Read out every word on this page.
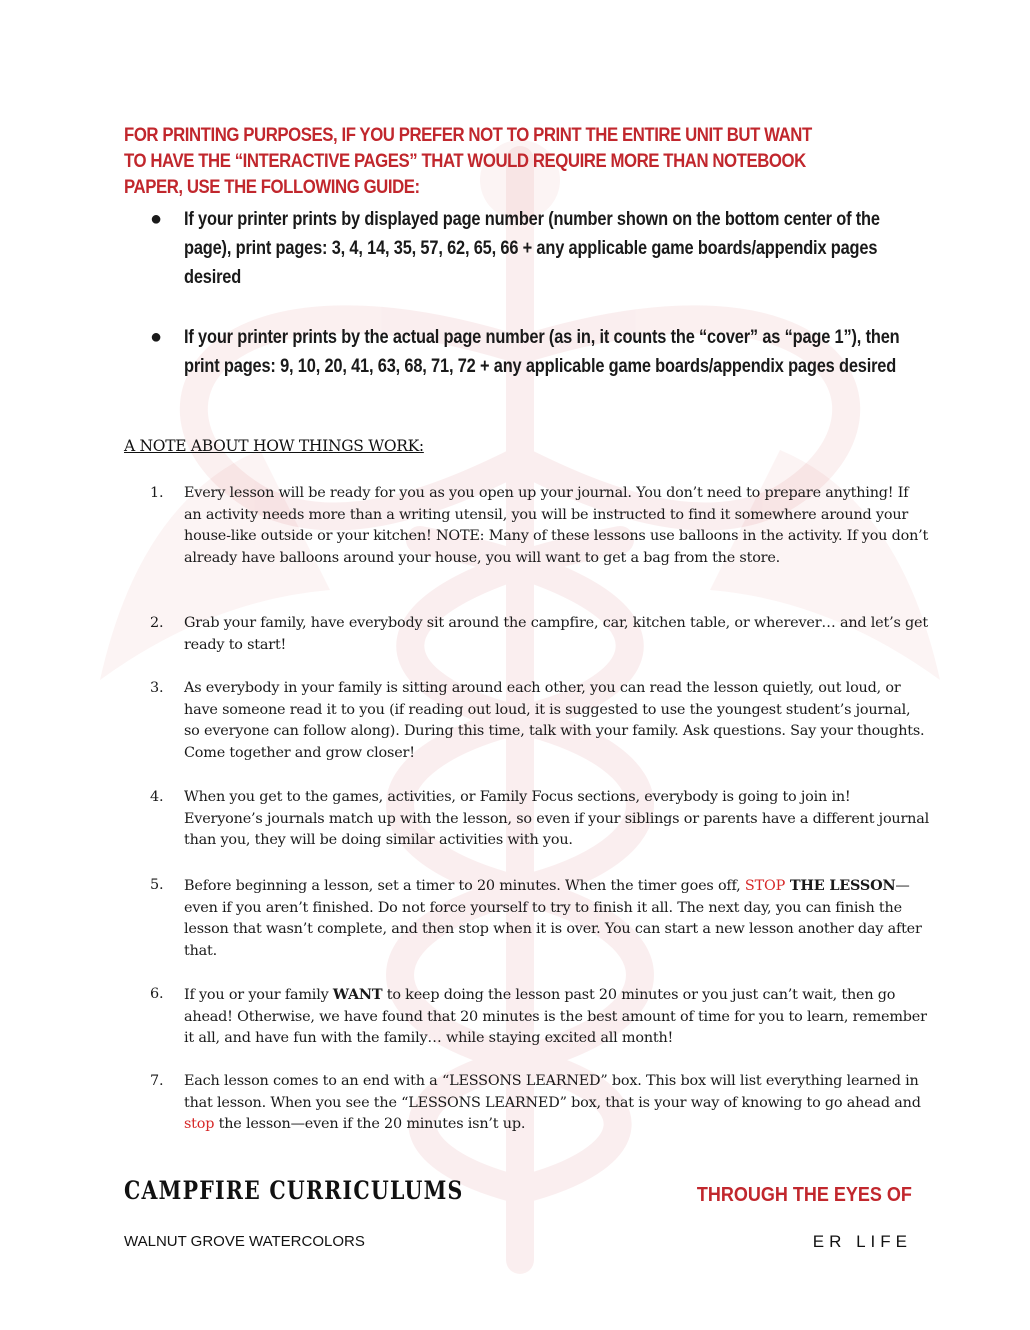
FOR PRINTING PURPOSES, IF YOU PREFER NOT TO PRINT THE ENTIRE UNIT BUT WANT TO HAVE THE “INTERACTIVE PAGES” THAT WOULD REQUIRE MORE THAN NOTEBOOK PAPER, USE THE FOLLOWING GUIDE:
● If your printer prints by displayed page number (number shown on the bottom center of the page), print pages: 3, 4, 14, 35, 57, 62, 65, 66 + any applicable game boards/appendix pages desired
● If your printer prints by the actual page number (as in, it counts the “cover” as “page 1”), then print pages: 9, 10, 20, 41, 63, 68, 71, 72 + any applicable game boards/appendix pages desired
A NOTE ABOUT HOW THINGS WORK:
1. Every lesson will be ready for you as you open up your journal. You don’t need to prepare anything! If an activity needs more than a writing utensil, you will be instructed to find it somewhere around your house-like outside or your kitchen! NOTE: Many of these lessons use balloons in the activity. If you don’t already have balloons around your house, you will want to get a bag from the store.
2. Grab your family, have everybody sit around the campfire, car, kitchen table, or wherever… and let’s get ready to start!
3. As everybody in your family is sitting around each other, you can read the lesson quietly, out loud, or have someone read it to you (if reading out loud, it is suggested to use the youngest student’s journal, so everyone can follow along). During this time, talk with your family. Ask questions. Say your thoughts. Come together and grow closer!
4. When you get to the games, activities, or Family Focus sections, everybody is going to join in! Everyone’s journals match up with the lesson, so even if your siblings or parents have a different journal than you, they will be doing similar activities with you.
5. Before beginning a lesson, set a timer to 20 minutes. When the timer goes off, STOP THE LESSON—even if you aren’t finished. Do not force yourself to try to finish it all. The next day, you can finish the lesson that wasn’t complete, and then stop when it is over. You can start a new lesson another day after that.
6. If you or your family WANT to keep doing the lesson past 20 minutes or you just can’t wait, then go ahead! Otherwise, we have found that 20 minutes is the best amount of time for you to learn, remember it all, and have fun with the family… while staying excited all month!
7. Each lesson comes to an end with a “LESSONS LEARNED” box. This box will list everything learned in that lesson. When you see the “LESSONS LEARNED” box, that is your way of knowing to go ahead and stop the lesson—even if the 20 minutes isn’t up.
CAMPFIRE CURRICULUMS	THROUGH THE EYES OF
WALNUT GROVE WATERCOLORS	ER LIFE
